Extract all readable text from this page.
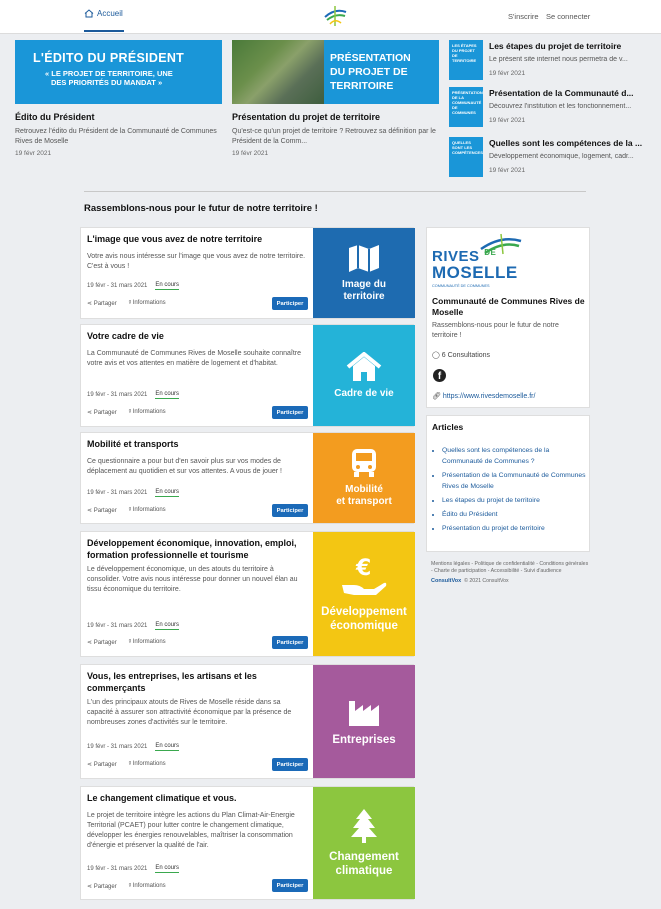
Accueil	S'inscrire Se connecter
L'ÉDITO DU PRÉSIDENT
« LE PROJET DE TERRITOIRE, UNE
DES PRIORITÉS DU MANDAT »
Édito du Président
Retrouvez l'édito du Président de la Communauté de Communes Rives de Moselle
19 févr 2021
PRÉSENTATION
DU PROJET DE
TERRITOIRE
Présentation du projet de territoire
Qu'est-ce qu'un projet de territoire ? Retrouvez sa définition par le Président de la Comm...
19 févr 2021
LES ÉTAPES DU PROJET DE TERRITOIRE
Les étapes du projet de territoire
Le présent site internet nous permetra de v...
19 févr 2021
PRÉSENTATION DE LA COMMUNAUTÉ DE COMMUNES
Présentation de la Communauté d...
Découvrez l'institution et les fonctionnement...
19 févr 2021
QUELLES SONT LES COMPÉTENCES
Quelles sont les compétences de la ...
Développement économique, logement, cadr...
19 févr 2021
Rassemblons-nous pour le futur de notre territoire !
L'image que vous avez de notre territoire
Votre avis nous intéresse sur l'image que vous avez de notre territoire. C'est à vous !
19 févr - 31 mars 2021 En cours
⋖ Partager ᵍ Informations	Participer
Image du
territoire
Votre cadre de vie
La Communauté de Communes Rives de Moselle souhaite connaître votre avis et vos attentes en matière de logement et d'habitat.
19 févr - 31 mars 2021 En cours
⋖ Partager ᵍ Informations	Participer
Cadre de vie
Mobilité et transports
Ce questionnaire a pour but d'en savoir plus sur vos modes de déplacement au quotidien et sur vos attentes. A vous de jouer !
19 févr - 31 mars 2021 En cours
⋖ Partager ᵍ Informations	Participer
Mobilité
et transport
Développement économique, innovation, emploi, formation professionnelle et tourisme
Le développement économique, un des atouts du territoire à consolider. Votre avis nous intéresse pour donner un nouvel élan au tissu économique du territoire.
19 févr - 31 mars 2021 En cours
⋖ Partager ᵍ Informations	Participer
€
Développement
économique
Vous, les entreprises, les artisans et les commerçants
L'un des principaux atouts de Rives de Moselle réside dans sa capacité à assurer son attractivité économique par la présence de nombreuses zones d'activités sur le territoire.
19 févr - 31 mars 2021 En cours
⋖ Partager ᵍ Informations	Participer
Entreprises
Le changement climatique et vous.
Le projet de territoire intègre les actions du Plan Climat-Air-Energie Territorial (PCAET) pour lutter contre le changement climatique, développer les énergies renouvelables, maîtriser la consommation d'énergie et préserver la qualité de l'air.
19 févr - 31 mars 2021 En cours
⋖ Partager ᵍ Informations	Participer
Changement
climatique
RIVES $^{DE}$
MOSELLE
COMMUNAUTÉ DE COMMUNES
Communauté de Communes Rives de Moselle
Rassemblons-nous pour le futur de notre territoire !
◯ 6 Consultations
f
🔗︎ https://www.rivesdemoselle.fr/
Articles
• Quelles sont les compétences de la Communauté de Communes ?
• Présentation de la Communauté de Communes Rives de Moselle
• Les étapes du projet de territoire
• Édito du Président
• Présentation du projet de territoire
Mentions légales - Politique de confidentialité - Conditions générales - Charte de participation - Accessibilité - Suivi d'audience
ConsultVox © 2021 ConsultVox
